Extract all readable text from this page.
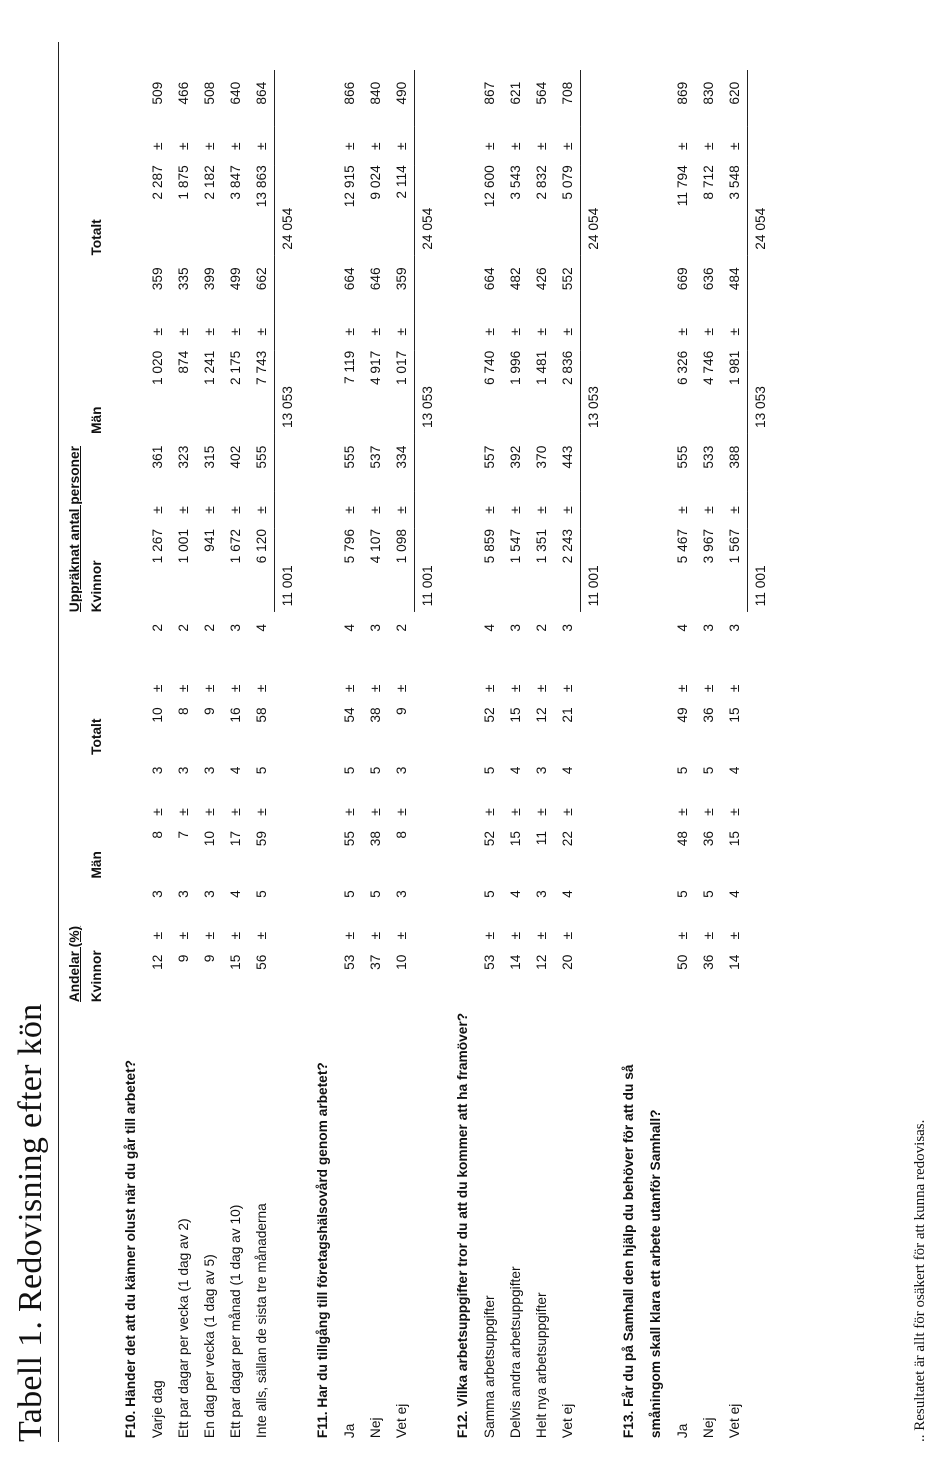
Tabell 1. Redovisning efter kön
	Andelar (%)									Uppräknat antal personer								
	Kvinnor			Män			Totalt			Kvinnor			Män			Totalt		
F10. Händer det att du känner olust när du går till arbetet?																		
Varje dag	12	±	3	8	±	3	10	±	2	1 267	±	361	1 020	±	359	2 287	±	509
Ett par dagar per vecka (1 dag av 2)	9	±	3	7	±	3	8	±	2	1 001	±	323	874	±	335	1 875	±	466
En dag per vecka (1 dag av 5)	9	±	3	10	±	3	9	±	2	941	±	315	1 241	±	399	2 182	±	508
Ett par dagar per månad (1 dag av 10)	15	±	4	17	±	4	16	±	3	1 672	±	402	2 175	±	499	3 847	±	640
Inte alls, sällan de sista tre månaderna	56	±	5	59	±	5	58	±	4	6 120	±	555	7 743	±	662	13 863	±	864
										11 001			13 053			24 054		
F11. Har du tillgång till företagshälsovård genom arbetet?																		
Ja	53	±	5	55	±	5	54	±	4	5 796	±	555	7 119	±	664	12 915	±	866
Nej	37	±	5	38	±	5	38	±	3	4 107	±	537	4 917	±	646	9 024	±	840
Vet ej	10	±	3	8	±	3	9	±	2	1 098	±	334	1 017	±	359	2 114	±	490
										11 001			13 053			24 054		
F12. Vilka arbetsuppgifter tror du att du kommer att ha framöver?																		
Samma arbetsuppgifter	53	±	5	52	±	5	52	±	4	5 859	±	557	6 740	±	664	12 600	±	867
Delvis andra arbetsuppgifter	14	±	4	15	±	4	15	±	3	1 547	±	392	1 996	±	482	3 543	±	621
Helt nya arbetsuppgifter	12	±	3	11	±	3	12	±	2	1 351	±	370	1 481	±	426	2 832	±	564
Vet ej	20	±	4	22	±	4	21	±	3	2 243	±	443	2 836	±	552	5 079	±	708
										11 001			13 053			24 054		
F13. Får du på Samhall den hjälp du behöver för att du så småningom skall klara ett arbete utanför Samhall?																		
Ja	50	±	5	48	±	5	49	±	4	5 467	±	555	6 326	±	669	11 794	±	869
Nej	36	±	5	36	±	5	36	±	3	3 967	±	533	4 746	±	636	8 712	±	830
Vet ej	14	±	4	15	±	4	15	±	3	1 567	±	388	1 981	±	484	3 548	±	620
										11 001			13 053			24 054		
.. Resultatet är allt för osäkert för att kunna redovisas.
